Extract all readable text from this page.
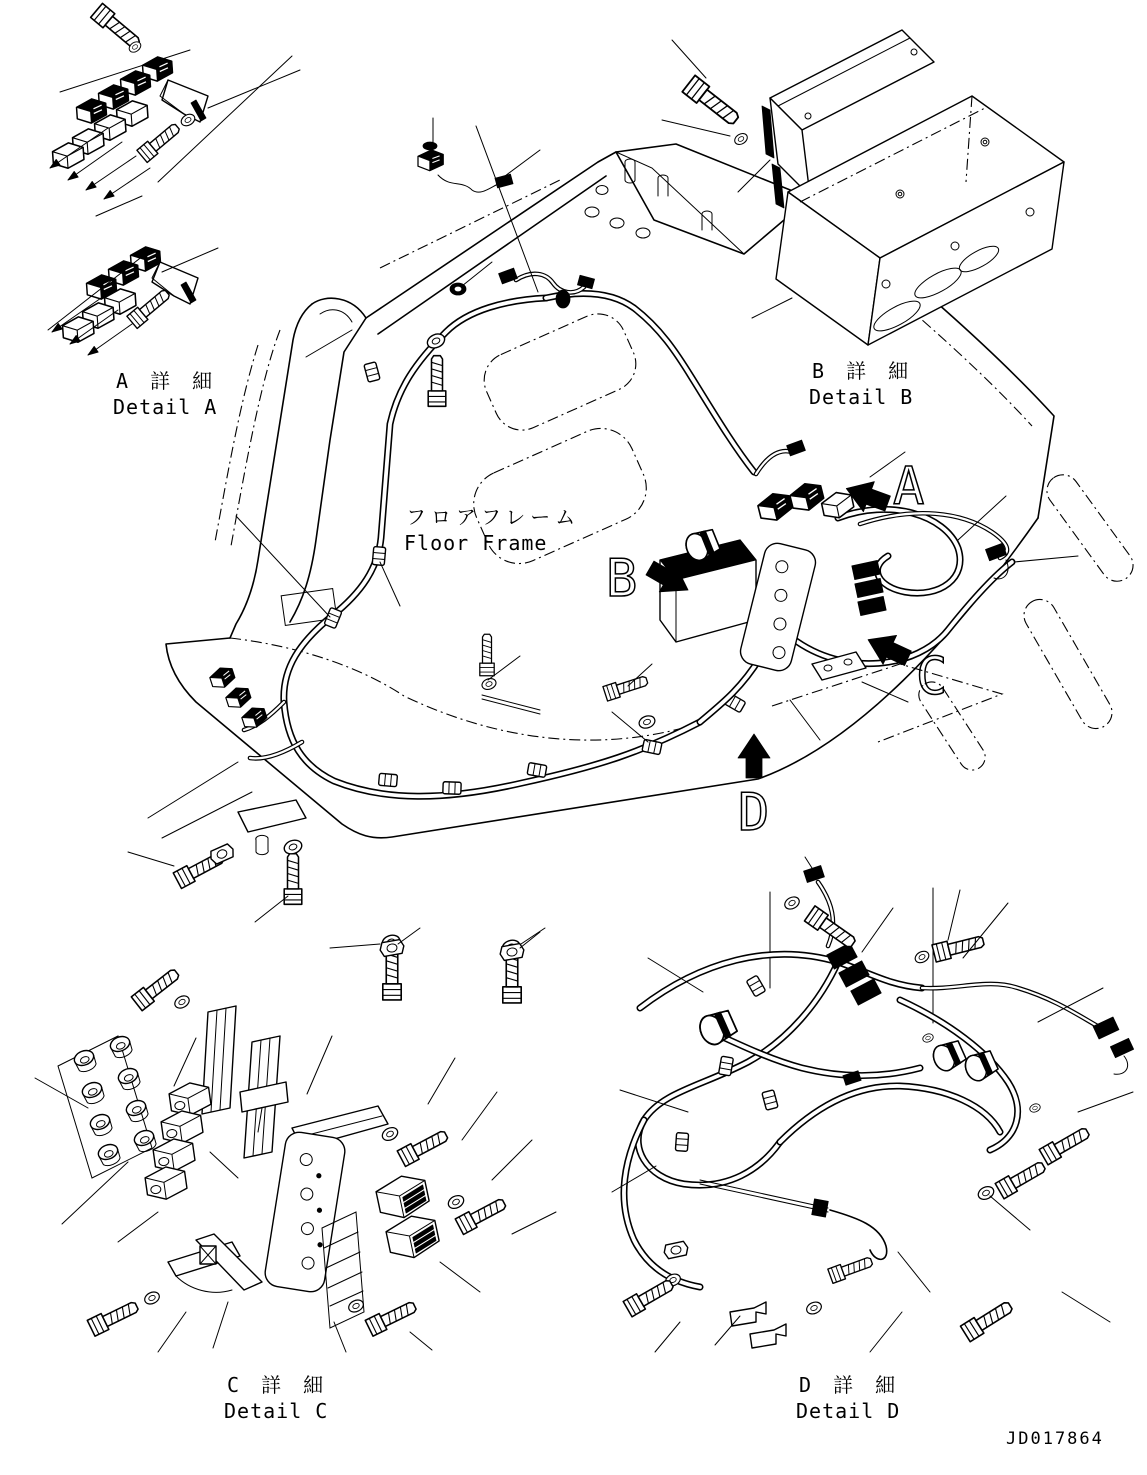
A
B
C
D
A 詳 細
Detail A
B 詳 細
Detail B
フロアフレーム
Floor Frame
C 詳 細
Detail C
D 詳 細
Detail D
JD017864
